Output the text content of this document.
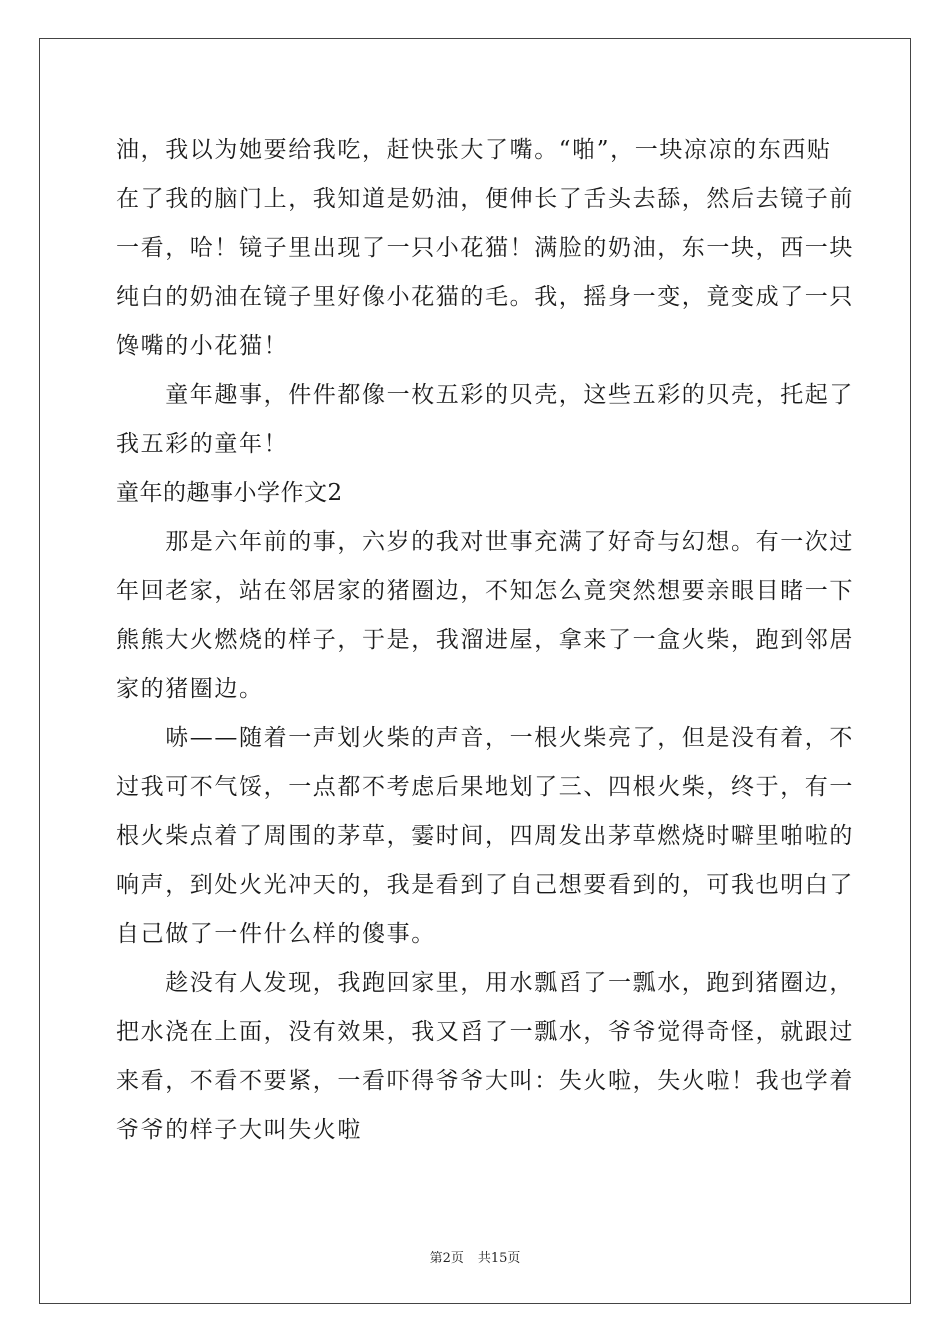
油，我以为她要给我吃，赶快张大了嘴。“啪”，一块凉凉的东西贴
在了我的脑门上，我知道是奶油，便伸长了舌头去舔，然后去镜子前
一看，哈！镜子里出现了一只小花猫！满脸的奶油，东一块，西一块
纯白的奶油在镜子里好像小花猫的毛。我，摇身一变，竟变成了一只
馋嘴的小花猫！
　　童年趣事，件件都像一枚五彩的贝壳，这些五彩的贝壳，托起了
我五彩的童年！
童年的趣事小学作文2
　　那是六年前的事，六岁的我对世事充满了好奇与幻想。有一次过
年回老家，站在邻居家的猪圈边，不知怎么竟突然想要亲眼目睹一下
熊熊大火燃烧的样子，于是，我溜进屋，拿来了一盒火柴，跑到邻居
家的猪圈边。
　　哧——随着一声划火柴的声音，一根火柴亮了，但是没有着，不
过我可不气馁，一点都不考虑后果地划了三、四根火柴，终于，有一
根火柴点着了周围的茅草，霎时间，四周发出茅草燃烧时噼里啪啦的
响声，到处火光冲天的，我是看到了自己想要看到的，可我也明白了
自己做了一件什么样的傻事。
　　趁没有人发现，我跑回家里，用水瓢舀了一瓢水，跑到猪圈边，
把水浇在上面，没有效果，我又舀了一瓢水，爷爷觉得奇怪，就跟过
来看，不看不要紧，一看吓得爷爷大叫：失火啦，失火啦！我也学着
爷爷的样子大叫失火啦
第2页 共15页
